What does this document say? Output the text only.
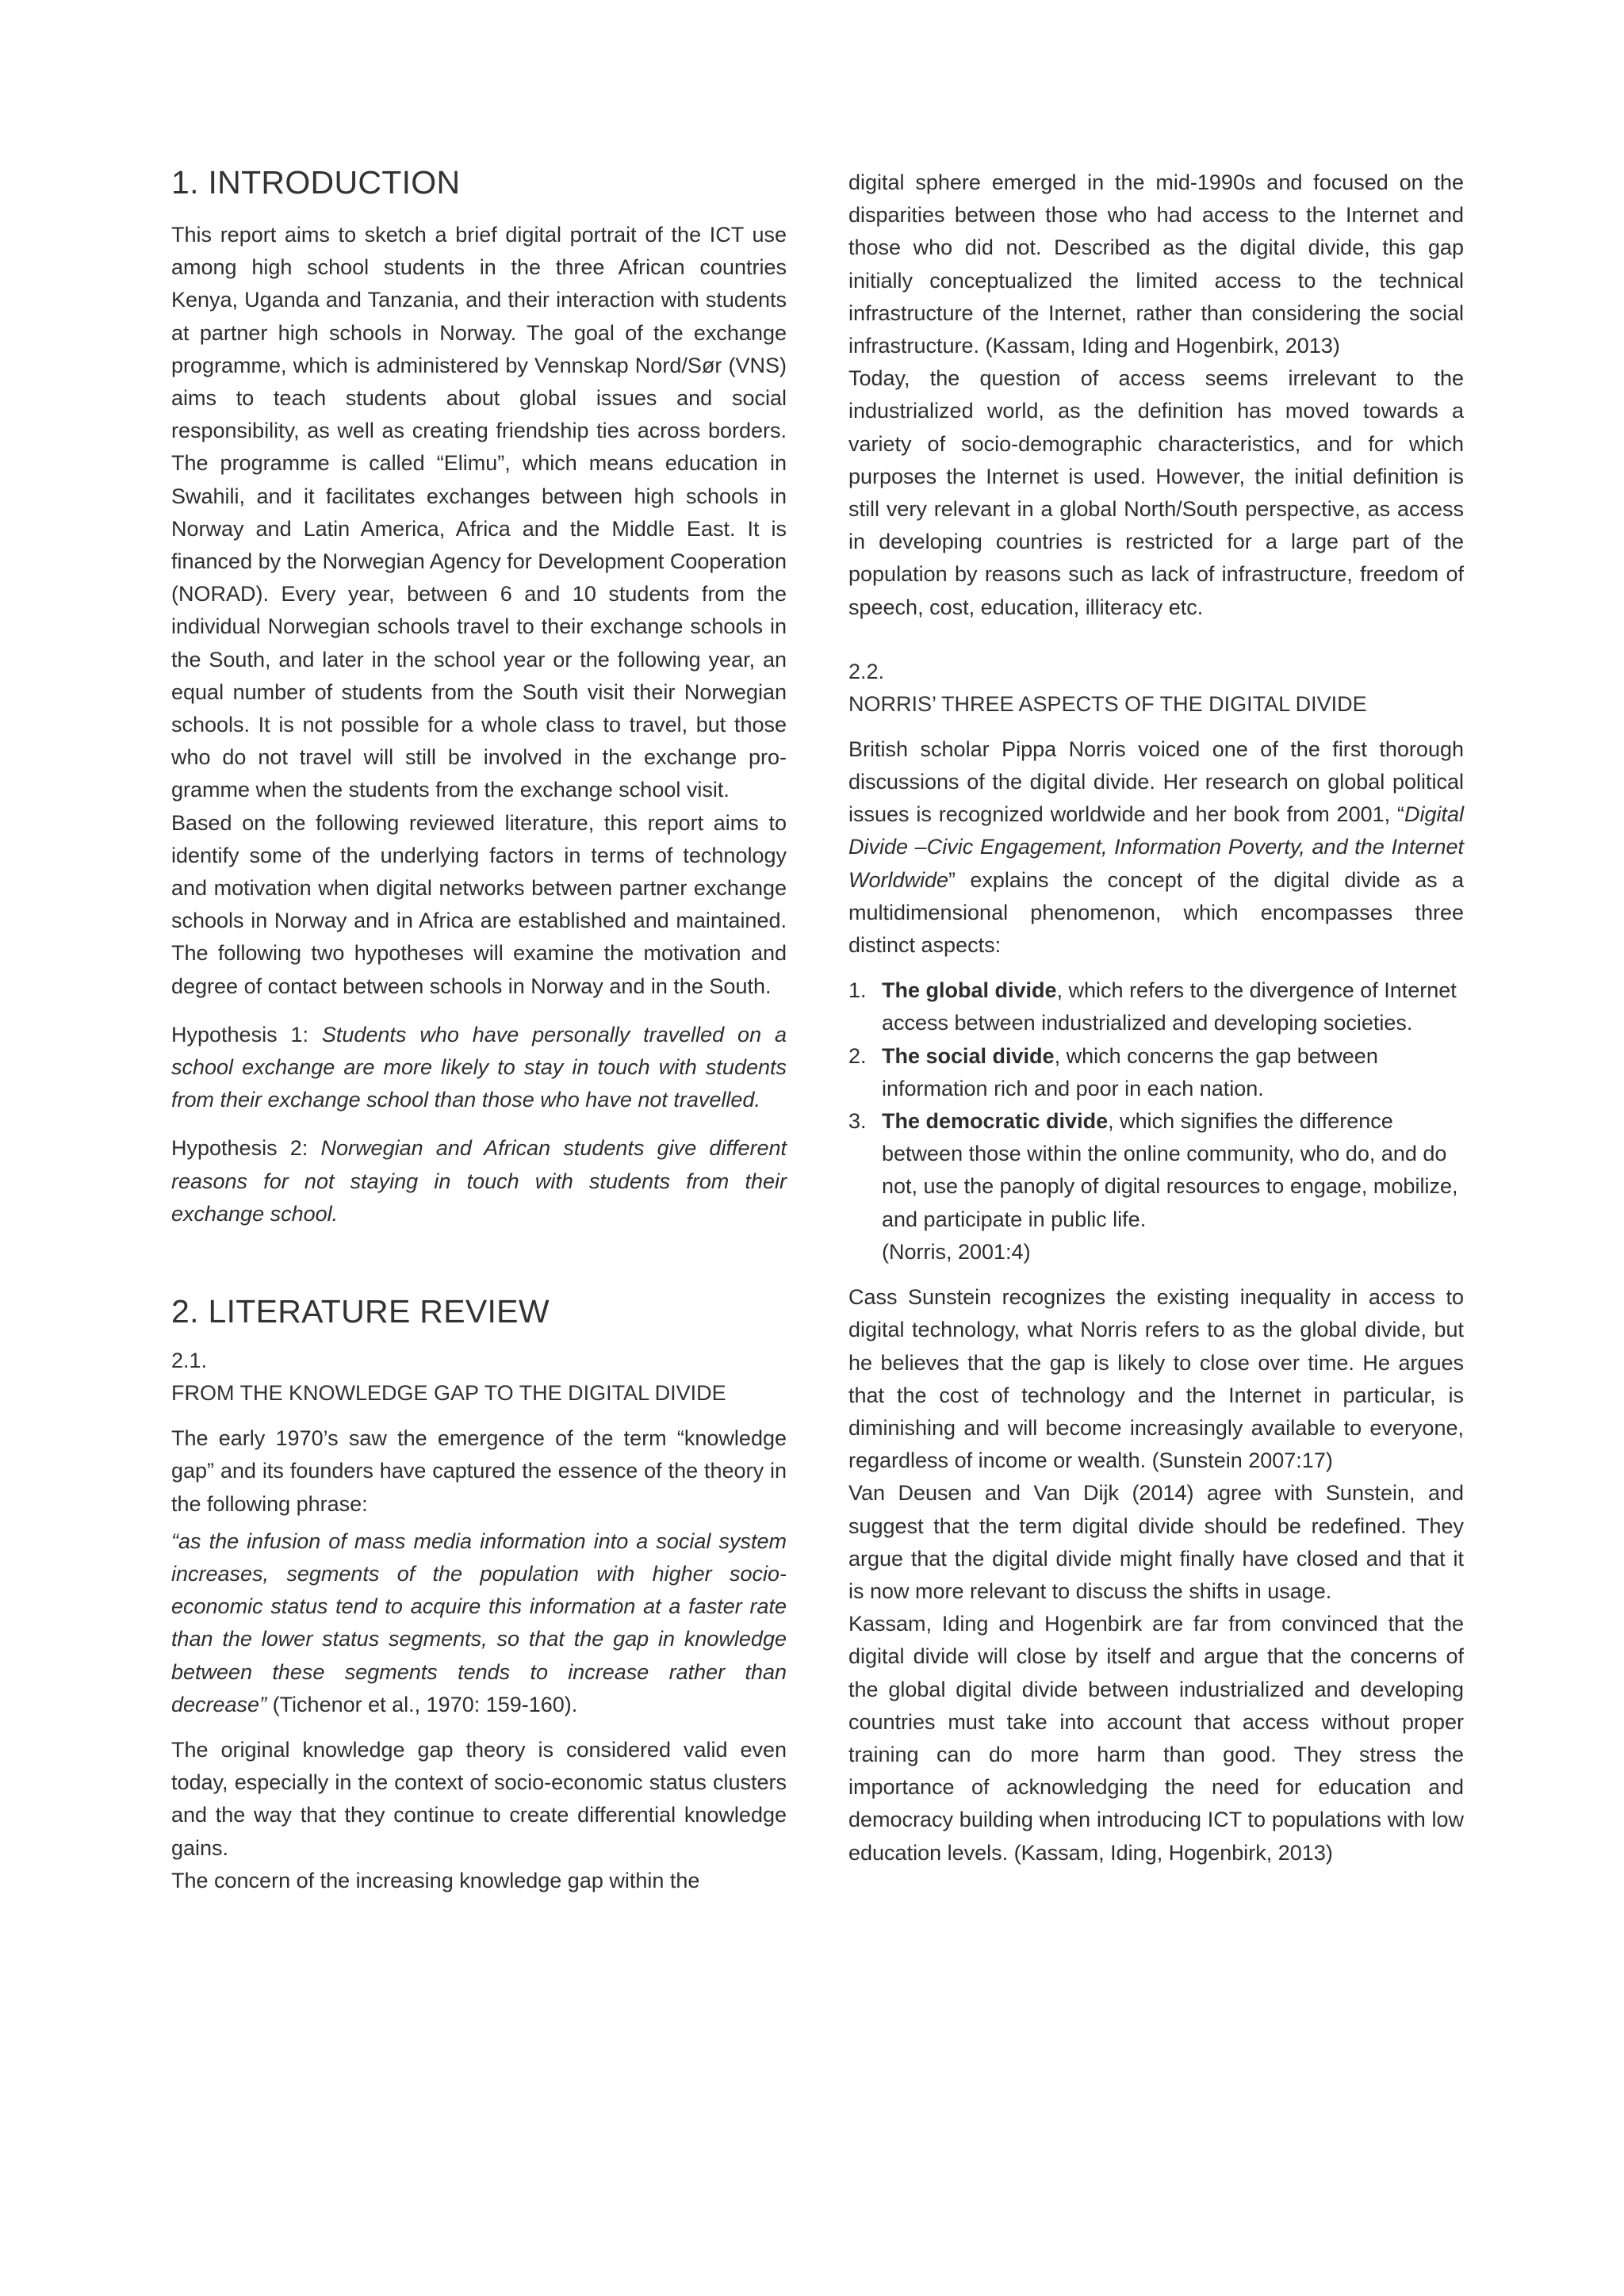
1. INTRODUCTION

This report aims to sketch a brief digital portrait of the ICT use among high school students in the three African countries Kenya, Uganda and Tanzania, and their interaction with students at partner high schools in Norway. The goal of the exchange programme, which is administered by Vennskap Nord/Sør (VNS) aims to teach students about global issues and social responsibility, as well as creating friendship ties across borders. The programme is called “Elimu”, which means education in Swahili, and it facilitates exchanges between high schools in Norway and Latin America, Africa and the Middle East. It is financed by the Norwegian Agency for Development Cooperation (NORAD). Every year, between 6 and 10 students from the individual Norwegian schools travel to their exchange schools in the South, and later in the school year or the following year, an equal number of students from the South visit their Norwegian schools. It is not possible for a whole class to travel, but those who do not travel will still be involved in the exchange programme when the students from the exchange school visit.

Based on the following reviewed literature, this report aims to identify some of the underlying factors in terms of technology and motivation when digital networks between partner exchange schools in Norway and in Africa are established and maintained. The following two hypotheses will examine the motivation and degree of contact between schools in Norway and in the South.

Hypothesis 1: Students who have personally travelled on a school exchange are more likely to stay in touch with students from their exchange school than those who have not travelled.

Hypothesis 2: Norwegian and African students give different reasons for not staying in touch with students from their exchange school.

2. LITERATURE REVIEW
2.1.
FROM THE KNOWLEDGE GAP TO THE DIGITAL DIVIDE

The early 1970’s saw the emergence of the term “knowledge gap” and its founders have captured the essence of the theory in the following phrase:

“as the infusion of mass media information into a social system increases, segments of the population with higher socio-economic status tend to acquire this information at a faster rate than the lower status segments, so that the gap in knowledge between these segments tends to increase rather than decrease” (Tichenor et al., 1970: 159-160).

The original knowledge gap theory is considered valid even today, especially in the context of socio-economic status clusters and the way that they continue to create differential knowledge gains.

The concern of the increasing knowledge gap within the

digital sphere emerged in the mid-1990s and focused on the disparities between those who had access to the Internet and those who did not. Described as the digital divide, this gap initially conceptualized the limited access to the technical infrastructure of the Internet, rather than considering the social infrastructure. (Kassam, Iding and Hogenbirk, 2013)

Today, the question of access seems irrelevant to the industrialized world, as the definition has moved towards a variety of socio-demographic characteristics, and for which purposes the Internet is used. However, the initial definition is still very relevant in a global North/South perspective, as access in developing countries is restricted for a large part of the population by reasons such as lack of infrastructure, freedom of speech, cost, education, illiteracy etc.

2.2.
NORRIS’ THREE ASPECTS OF THE DIGITAL DIVIDE

British scholar Pippa Norris voiced one of the first thorough discussions of the digital divide. Her research on global political issues is recognized worldwide and her book from 2001, “Digital Divide –Civic Engagement, Information Poverty, and the Internet Worldwide” explains the concept of the digital divide as a multidimensional phenomenon, which encompasses three distinct aspects:

1. The global divide, which refers to the divergence of Internet access between industrialized and developing societies.
2. The social divide, which concerns the gap between information rich and poor in each nation.
3. The democratic divide, which signifies the difference between those within the online community, who do, and do not, use the panoply of digital resources to engage, mobilize, and participate in public life.
(Norris, 2001:4)

Cass Sunstein recognizes the existing inequality in access to digital technology, what Norris refers to as the global divide, but he believes that the gap is likely to close over time. He argues that the cost of technology and the Internet in particular, is diminishing and will become increasingly available to everyone, regardless of income or wealth. (Sunstein 2007:17)

Van Deusen and Van Dijk (2014) agree with Sunstein, and suggest that the term digital divide should be redefined. They argue that the digital divide might finally have closed and that it is now more relevant to discuss the shifts in usage.

Kassam, Iding and Hogenbirk are far from convinced that the digital divide will close by itself and argue that the concerns of the global digital divide between industrialized and developing countries must take into account that access without proper training can do more harm than good. They stress the importance of acknowledging the need for education and democracy building when introducing ICT to populations with low education levels. (Kassam, Iding, Hogenbirk, 2013)
